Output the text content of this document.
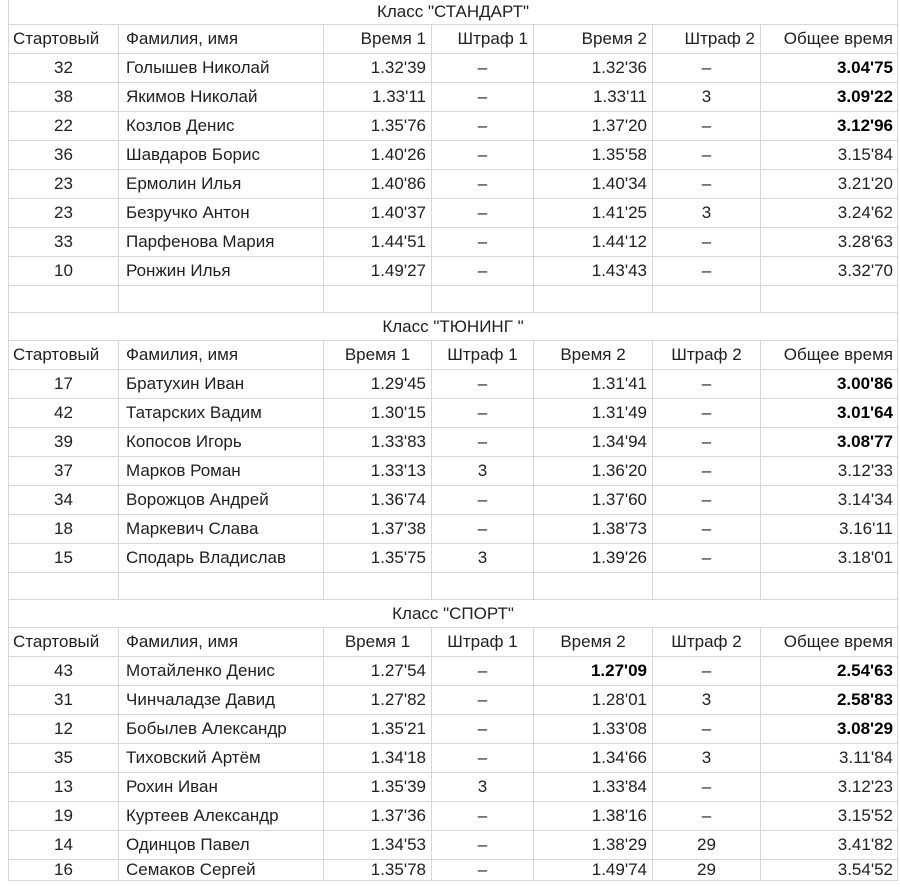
Класс "СТАНДАРТ"
Стартовый	Фамилия, имя	Время 1	Штраф 1	Время 2	Штраф 2	Общее время
32	Голышев Николай	1.32'39	–	1.32'36	–	3.04'75
38	Якимов Николай	1.33'11	–	1.33'11	3	3.09'22
22	Козлов Денис	1.35'76	–	1.37'20	–	3.12'96
36	Шавдаров Борис	1.40'26	–	1.35'58	–	3.15'84
23	Ермолин Илья	1.40'86	–	1.40'34	–	3.21'20
23	Безручко Антон	1.40'37	–	1.41'25	3	3.24'62
33	Парфенова Мария	1.44'51	–	1.44'12	–	3.28'63
10	Ронжин Илья	1.49'27	–	1.43'43	–	3.32'70
Класс "ТЮНИНГ "
Стартовый	Фамилия, имя	Время 1	Штраф 1	Время 2	Штраф 2	Общее время
17	Братухин Иван	1.29'45	–	1.31'41	–	3.00'86
42	Татарских Вадим	1.30'15	–	1.31'49	–	3.01'64
39	Копосов Игорь	1.33'83	–	1.34'94	–	3.08'77
37	Марков Роман	1.33'13	3	1.36'20	–	3.12'33
34	Ворожцов Андрей	1.36'74	–	1.37'60	–	3.14'34
18	Маркевич Слава	1.37'38	–	1.38'73	–	3.16'11
15	Сподарь Владислав	1.35'75	3	1.39'26	–	3.18'01
Класс "СПОРТ"
Стартовый	Фамилия, имя	Время 1	Штраф 1	Время 2	Штраф 2	Общее время
43	Мотайленко Денис	1.27'54	–	1.27'09	–	2.54'63
31	Чинчаладзе Давид	1.27'82	–	1.28'01	3	2.58'83
12	Бобылев Александр	1.35'21	–	1.33'08	–	3.08'29
35	Тиховский Артём	1.34'18	–	1.34'66	3	3.11'84
13	Рохин Иван	1.35'39	3	1.33'84	–	3.12'23
19	Куртеев Александр	1.37'36	–	1.38'16	–	3.15'52
14	Одинцов Павел	1.34'53	–	1.38'29	29	3.41'82
16	Семаков Сергей	1.35'78	–	1.49'74	29	3.54'52
